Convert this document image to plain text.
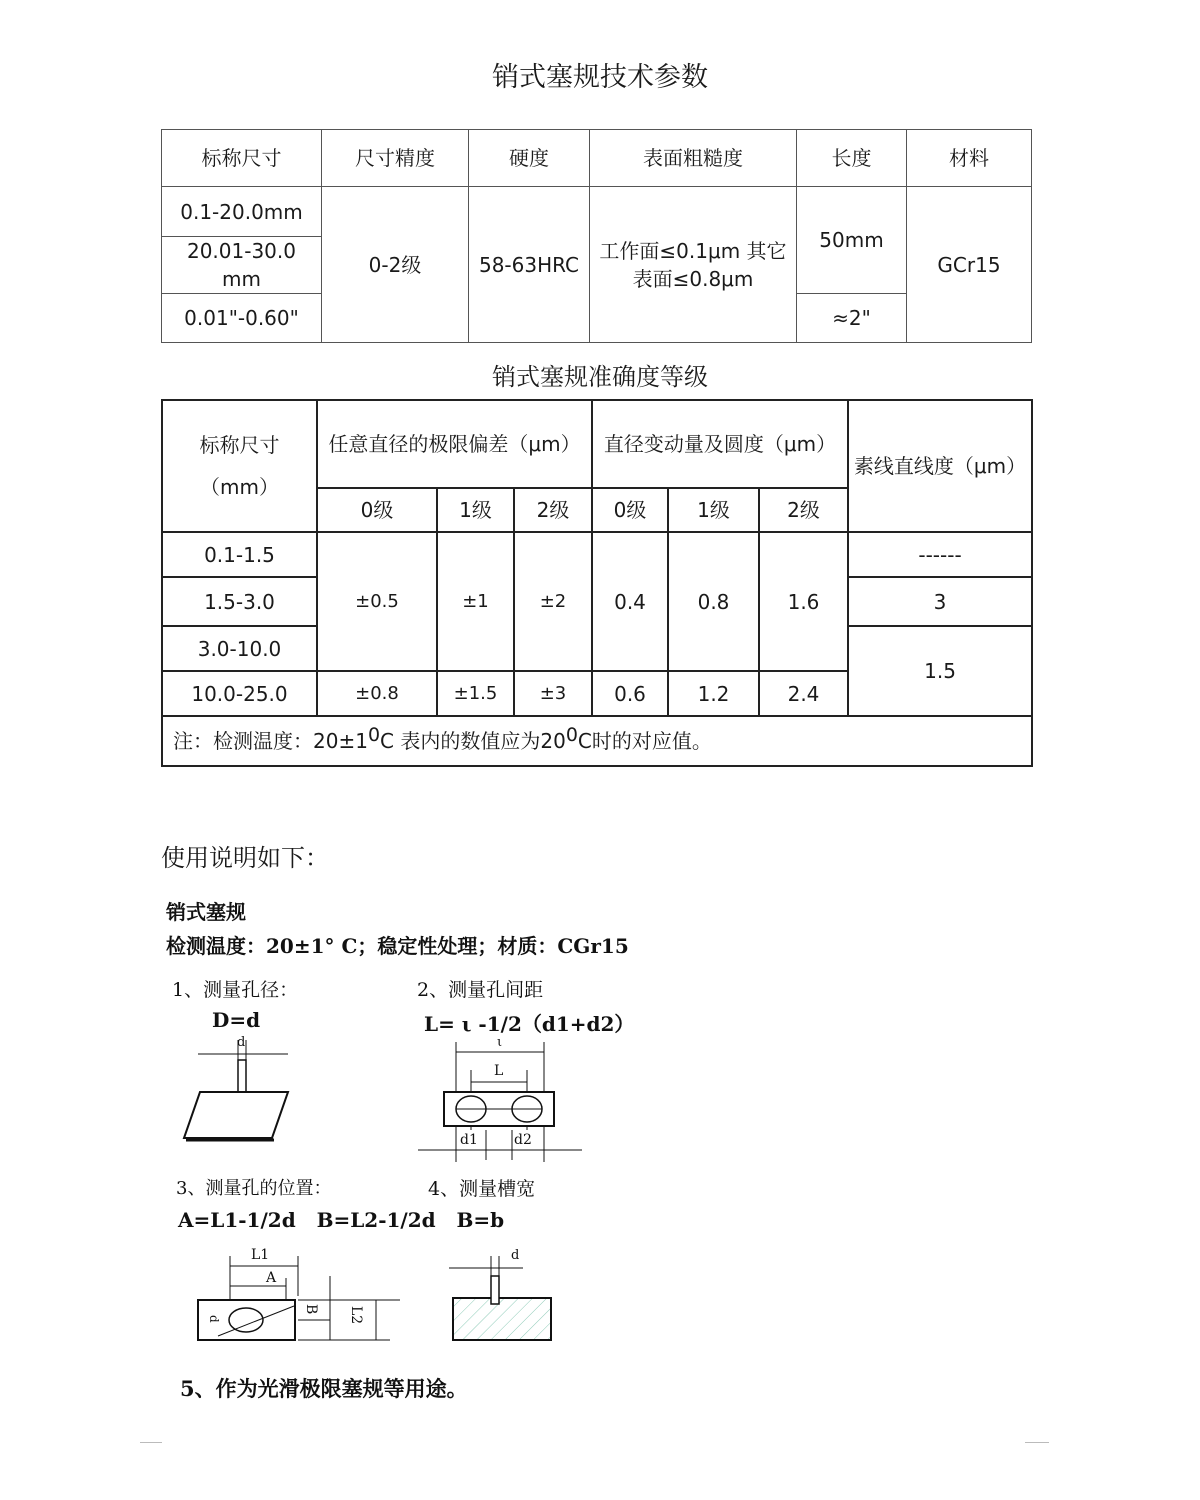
销式塞规技术参数
标称尺寸	尺寸精度	硬度	表面粗糙度	长度	材料
0.1-20.0mm	0-2级	58-63HRC	工作面≤0.1μm 其它表面≤0.8μm	50mm	GCr15
20.01-30.0 mm					
0.01"-0.60"				≈2"	
销式塞规准确度等级
标称尺寸（mm）	任意直径的极限偏差（μm）			直径变动量及圆度（μm）			素线直线度（μm）
	0级	1级	2级	0级	1级	2级	
0.1-1.5	±0.5	±1	±2	0.4	0.8	1.6	------
1.5-3.0							3
3.0-10.0							1.5
10.0-25.0	±0.8	±1.5	±3	0.6	1.2	2.4	
注：检测温度：$20\pm 1^0C$ 表内的数值应为$20^0C$时的对应值。							
使用说明如下：
销式塞规
检测温度：20±1° C；稳定性处理；材质：CGr15
1、测量孔径：
D=d
2、测量孔间距
L= ι -1/2（d1+d2）
3、测量孔的位置：	4、测量槽宽
A=L1-1/2d   B=L2-1/2d   B=b
5、作为光滑极限塞规等用途。
d	ι
L
d1	d2
L1
A
d
B L2
d
